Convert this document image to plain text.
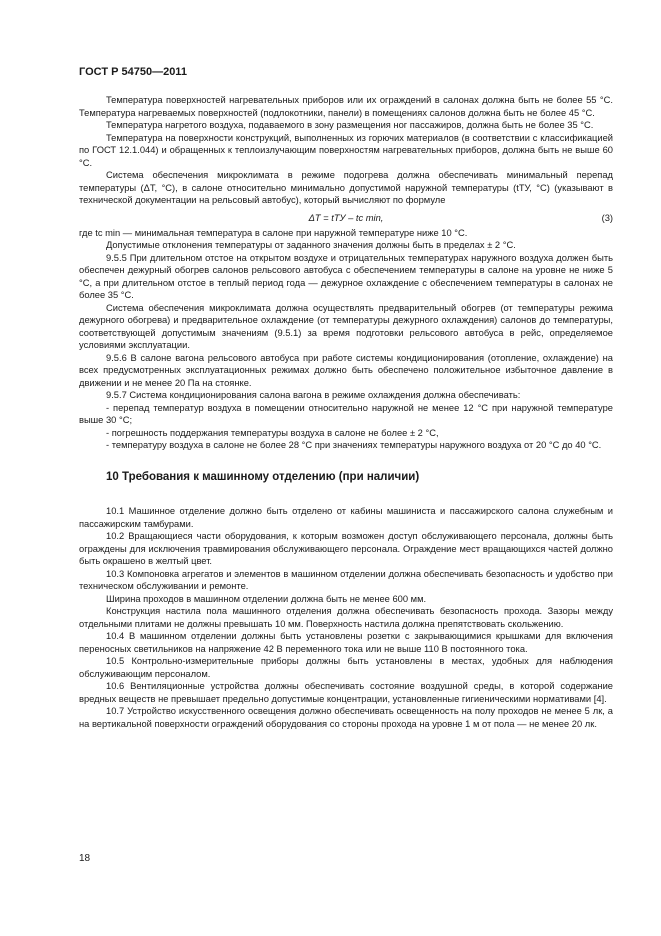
ГОСТ Р 54750—2011

Температура поверхностей нагревательных приборов или их ограждений в салонах должна быть не более 55 °С. Температура нагреваемых поверхностей (подлокотники, панели) в помещениях салонов должна быть не более 45 °С.

Температура нагретого воздуха, подаваемого в зону размещения ног пассажиров, должна быть не более 35 °С.

Температура на поверхности конструкций, выполненных из горючих материалов (в соответствии с классификацией по ГОСТ 12.1.044) и обращенных к теплоизлучающим поверхностям нагревательных приборов, должна быть не выше 60 °С.

Система обеспечения микроклимата в режиме подогрева должна обеспечивать минимальный перепад температуры (ΔT, °С), в салоне относительно минимально допустимой наружной температуры (tТУ, °С) (указывают в технической документации на рельсовый автобус), который вычисляют по формуле

ΔT = tТУ – tс min,	(3)

где tс min — минимальная температура в салоне при наружной температуре ниже 10 °С.

Допустимые отклонения температуры от заданного значения должны быть в пределах ± 2 °С.

9.5.5 При длительном отстое на открытом воздухе и отрицательных температурах наружного воздуха должен быть обеспечен дежурный обогрев салонов рельсового автобуса с обеспечением температуры в салоне на уровне не ниже 5 °С, а при длительном отстое в теплый период года — дежурное охлаждение с обеспечением температуры в салонах не более 35 °С.

Система обеспечения микроклимата должна осуществлять предварительный обогрев (от температуры режима дежурного обогрева) и предварительное охлаждение (от температуры дежурного охлаждения) салонов до температуры, соответствующей допустимым значениям (9.5.1) за время подготовки рельсового автобуса в рейс, определяемое условиями эксплуатации.

9.5.6 В салоне вагона рельсового автобуса при работе системы кондиционирования (отопление, охлаждение) на всех предусмотренных эксплуатационных режимах должно быть обеспечено положительное избыточное давление в движении и не менее 20 Па на стоянке.

9.5.7 Система кондиционирования салона вагона в режиме охлаждения должна обеспечивать:

- перепад температур воздуха в помещении относительно наружной не менее 12 °С при наружной температуре выше 30 °С;

- погрешность поддержания температуры воздуха в салоне не более ± 2 °С,

- температуру воздуха в салоне не более 28 °С при значениях температуры наружного воздуха от 20 °С до 40 °С.

10 Требования к машинному отделению (при наличии)

10.1 Машинное отделение должно быть отделено от кабины машиниста и пассажирского салона служебным и пассажирским тамбурами.

10.2 Вращающиеся части оборудования, к которым возможен доступ обслуживающего персонала, должны быть ограждены для исключения травмирования обслуживающего персонала. Ограждение мест вращающихся частей должно быть окрашено в желтый цвет.

10.3 Компоновка агрегатов и элементов в машинном отделении должна обеспечивать безопасность и удобство при техническом обслуживании и ремонте.

Ширина проходов в машинном отделении должна быть не менее 600 мм.

Конструкция настила пола машинного отделения должна обеспечивать безопасность прохода. Зазоры между отдельными плитами не должны превышать 10 мм. Поверхность настила должна препятствовать скольжению.

10.4 В машинном отделении должны быть установлены розетки с закрывающимися крышками для включения переносных светильников на напряжение 42 В переменного тока или не выше 110 В постоянного тока.

10.5 Контрольно-измерительные приборы должны быть установлены в местах, удобных для наблюдения обслуживающим персоналом.

10.6 Вентиляционные устройства должны обеспечивать состояние воздушной среды, в которой содержание вредных веществ не превышает предельно допустимые концентрации, установленные гигиеническими нормативами [4].

10.7 Устройство искусственного освещения должно обеспечивать освещенность на полу проходов не менее 5 лк, а на вертикальной поверхности ограждений оборудования со стороны прохода на уровне 1 м от пола — не менее 20 лк.

18
